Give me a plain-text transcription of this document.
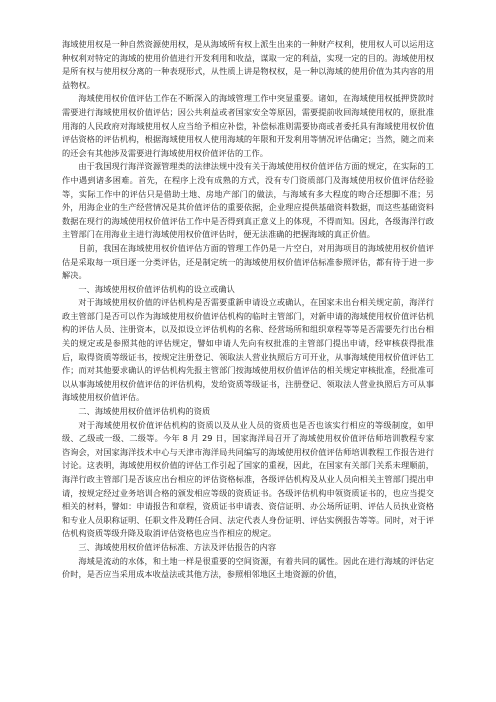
海域使用权是一种自然资源使用权，是从海域所有权上派生出来的一种财产权利，使用权人可以运用这种权利对特定的海域的使用价值进行开发利用和收益，谋取一定的利益，实现一定的目的。海域使用权是所有权与使用权分离的一种表现形式，从性质上讲是物权权，是一种以海域的使用价值为其内容的用益物权。

海域使用权价值评估工作在不断深入的海域管理工作中突显重要。诸如，在海域使用权抵押贷款时需要进行海域使用权价值评估；因公共利益或者国家安全等原因，需要提前收回海域使用权的，原批准用海的人民政府对海域使用权人应当给予相应补偿，补偿标准则需要协商或者委托具有海域使用权价值评估资格的评估机构，根据海域使用权人使用海域的年限和开发利用等情况评估确定；当然，随之而来的还会有其他涉及需要进行海域使用权价值评估的工作。

由于我国现行海洋资源管理类的法律法规中没有关于海域使用权价值评估方面的规定，在实际的工作中遇到诸多困难。首先，在程序上没有成熟的方式，没有专门资质部门及海域使用权价值评估经验等，实际工作中的评估只是借助土地、房地产部门的做法，与海域有多大程度的吻合还想脚不准；另外，用海企业的生产经营情况是其价值评估的重要依据，企业理应提供基础资料数据，而这些基础资料数据在现行的海域使用权价值评估工作中是否得到真正意义上的体现，不得而知。因此，各级海洋行政主管部门在用海业主进行海域使用权价值评估时，便无法准确的把握海域的真正价值。

目前，我国在海域使用权价值评估方面的管理工作仍是一片空白，对用海项目的海域使用权价值评估是采取每一项目逐一分类评估，还是制定统一的海域使用权价值评估标准参照评估，都有待于进一步解决。

一、海域使用权价值评估机构的设立或确认

对于海域使用权价值的评估机构是否需要重新申请设立或确认，在国家未出台相关规定前，海洋行政主管部门是否可以作为海域使用权价值评估机构的临时主管部门，对新申请的海域使用权价值评估机构的评估人员、注册资本，以及拟设立评估机构的名称、经营场所和组织章程等等是否需要先行出台相关的规定或是参照其他的评估规定，譬如申请人先向有权批准的主管部门提出申请，经审核获得批准后，取得资质等级证书，按规定注册登记、领取法人营业执照后方可开业，从事海域使用权价值评估工作；而对其他要求确认的评估机构先报主管部门按海域使用权价值评估的相关规定审核批准，经批准可以从事海域使用权价值评估的评估机构，发给资质等级证书，注册登记、领取法人营业执照后方可从事海域使用权价值评估。

二、海域使用权价值评估机构的资质

对于海域使用权价值评估机构的资质以及从业人员的资质也是否也该实行相应的等级制度，如甲级、乙级或一级、二级等。今年 8 月 29 日，国家海洋局召开了海域使用权价值评估师培训教程专家咨询会，对国家海洋技术中心与天津市海洋局共同编写的海域使用权价值评估师培训教程工作报告进行讨论。这表明，海域使用权价值的评估工作引起了国家的重视，因此，在国家有关部门关系未理顺前，海洋行政主管部门是否该应出台相应的评估资格标准，各级评估机构及从业人员向相关主管部门提出申请，按规定经过业务培训合格的颁发相应等级的资质证书。各级评估机构申领资质证书的，也应当提交相关的材料，譬如：申请报告和章程，资质证书申请表、资信证明、办公场所证明、评估人员执业资格和专业人员职称证明、任职文件及聘任合同、法定代表人身份证明、评估实例报告等等。同时，对于评估机构资质等级升降及取消评估资格也应当作相应的规定。

三、海域使用权价值评估标准、方法及评估报告的内容

海域是流动的水体，和土地一样是很重要的空间资源，有着共同的属性。因此在进行海域的评估定价时，是否应当采用成本收益法或其他方法，参照相邻地区土地资源的价值，
